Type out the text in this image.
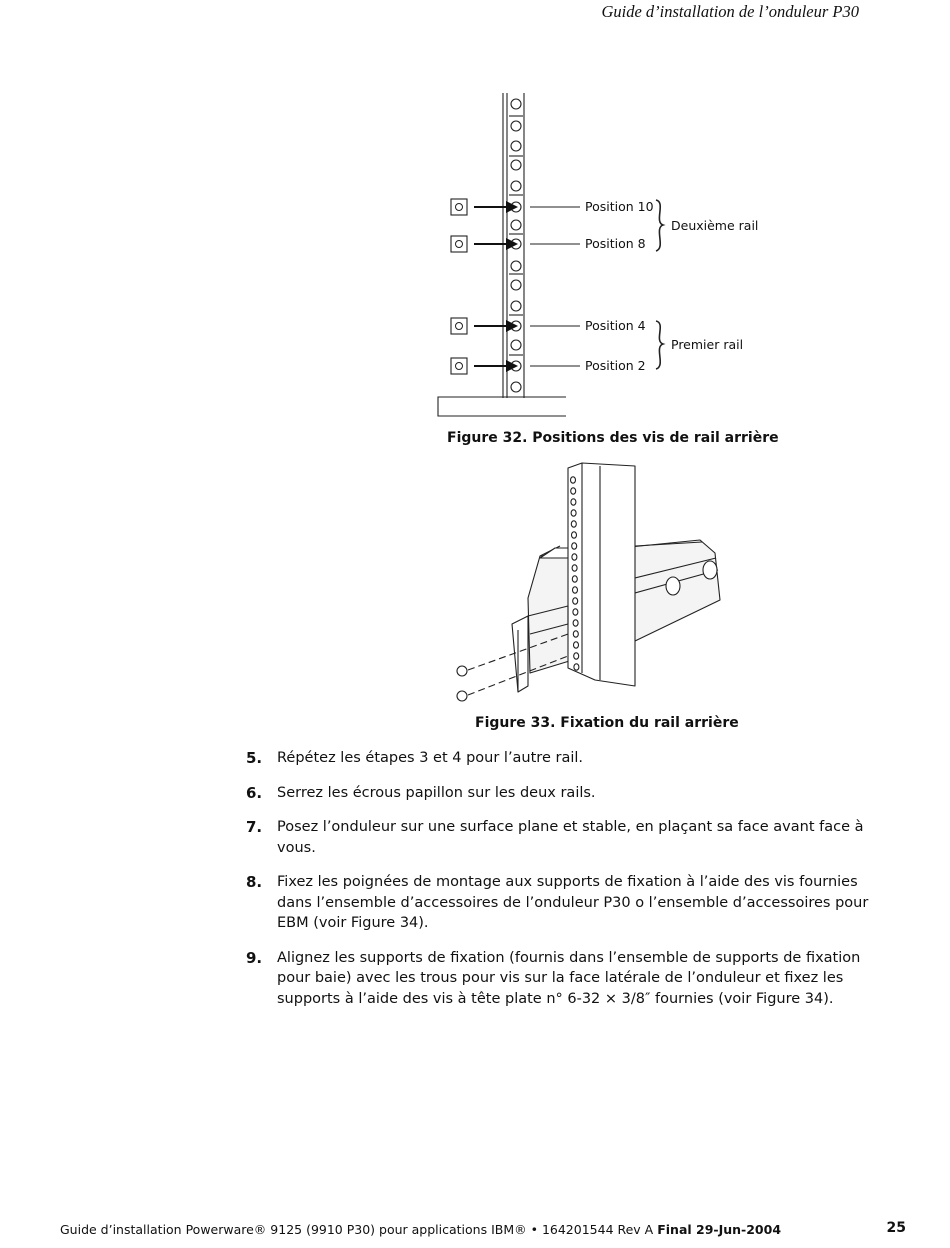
Guide d’installation de l’onduleur P30
Position 10
Position 8
Position 4
Position 2
Deuxième rail
Premier rail
Figure 32. Positions des vis de rail arrière
Figure 33. Fixation du rail arrière
5.	Répétez les étapes 3 et 4 pour l’autre rail.
6.	Serrez les écrous papillon sur les deux rails.
7.	Posez l’onduleur sur une surface plane et stable, en plaçant sa face avant face à vous.
8.	Fixez les poignées de montage aux supports de fixation à l’aide des vis fournies dans l’ensemble d’accessoires de l’onduleur P30 o l’ensemble d’accessoires pour EBM (voir Figure 34).
9.	Alignez les supports de fixation (fournis dans l’ensemble de supports de fixation pour baie) avec les trous pour vis sur la face latérale de l’onduleur et fixez les supports à l’aide des vis à tête plate n° 6-32 × 3/8″ fournies (voir Figure 34).
Guide d’installation Powerware® 9125 (9910 P30) pour applications IBM® • 164201544 Rev A Final 29-Jun-2004	25
